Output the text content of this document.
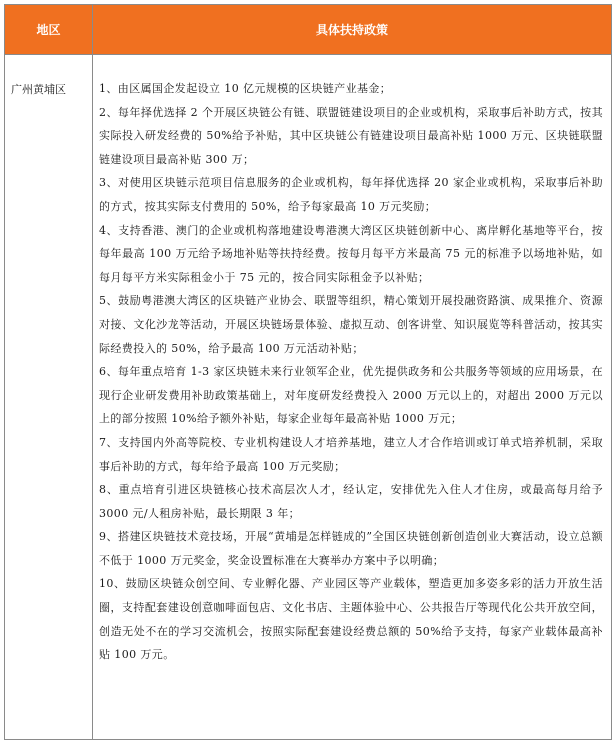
地区	具体扶持政策
广州黄埔区	1、由区属国企发起设立 10 亿元规模的区块链产业基金；

2、每年择优选择 2 个开展区块链公有链、联盟链建设项目的企业或机构，采取事后补助方式，按其实际投入研发经费的 50%给予补贴，其中区块链公有链建设项目最高补贴 1000 万元、区块链联盟链建设项目最高补贴 300 万；

3、对使用区块链示范项目信息服务的企业或机构，每年择优选择 20 家企业或机构，采取事后补助的方式，按其实际支付费用的 50%，给予每家最高 10 万元奖励；

4、支持香港、澳门的企业或机构落地建设粤港澳大湾区区块链创新中心、离岸孵化基地等平台，按每年最高 100 万元给予场地补贴等扶持经费。按每月每平方米最高 75 元的标准予以场地补贴，如每月每平方米实际租金小于 75 元的，按合同实际租金予以补贴；

5、鼓励粤港澳大湾区的区块链产业协会、联盟等组织，精心策划开展投融资路演、成果推介、资源对接、文化沙龙等活动，开展区块链场景体验、虚拟互动、创客讲堂、知识展览等科普活动，按其实际经费投入的 50%，给予最高 100 万元活动补贴；

6、每年重点培育 1-3 家区块链未来行业领军企业，优先提供政务和公共服务等领域的应用场景，在现行企业研发费用补助政策基础上，对年度研发经费投入 2000 万元以上的，对超出 2000 万元以上的部分按照 10%给予额外补贴，每家企业每年最高补贴 1000 万元；

7、支持国内外高等院校、专业机构建设人才培养基地，建立人才合作培训或订单式培养机制，采取事后补助的方式，每年给予最高 100 万元奖励；

8、重点培育引进区块链核心技术高层次人才，经认定，安排优先入住人才住房，或最高每月给予 3000 元/人租房补贴，最长期限 3 年；

9、搭建区块链技术竞技场，开展“黄埔是怎样链成的”全国区块链创新创造创业大赛活动，设立总额不低于 1000 万元奖金，奖金设置标准在大赛举办方案中予以明确；

10、鼓励区块链众创空间、专业孵化器、产业园区等产业载体，塑造更加多姿多彩的活力开放生活圈，支持配套建设创意咖啡面包店、文化书店、主题体验中心、公共报告厅等现代化公共开放空间，创造无处不在的学习交流机会，按照实际配套建设经费总额的 50%给予支持，每家产业载体最高补贴 100 万元。
